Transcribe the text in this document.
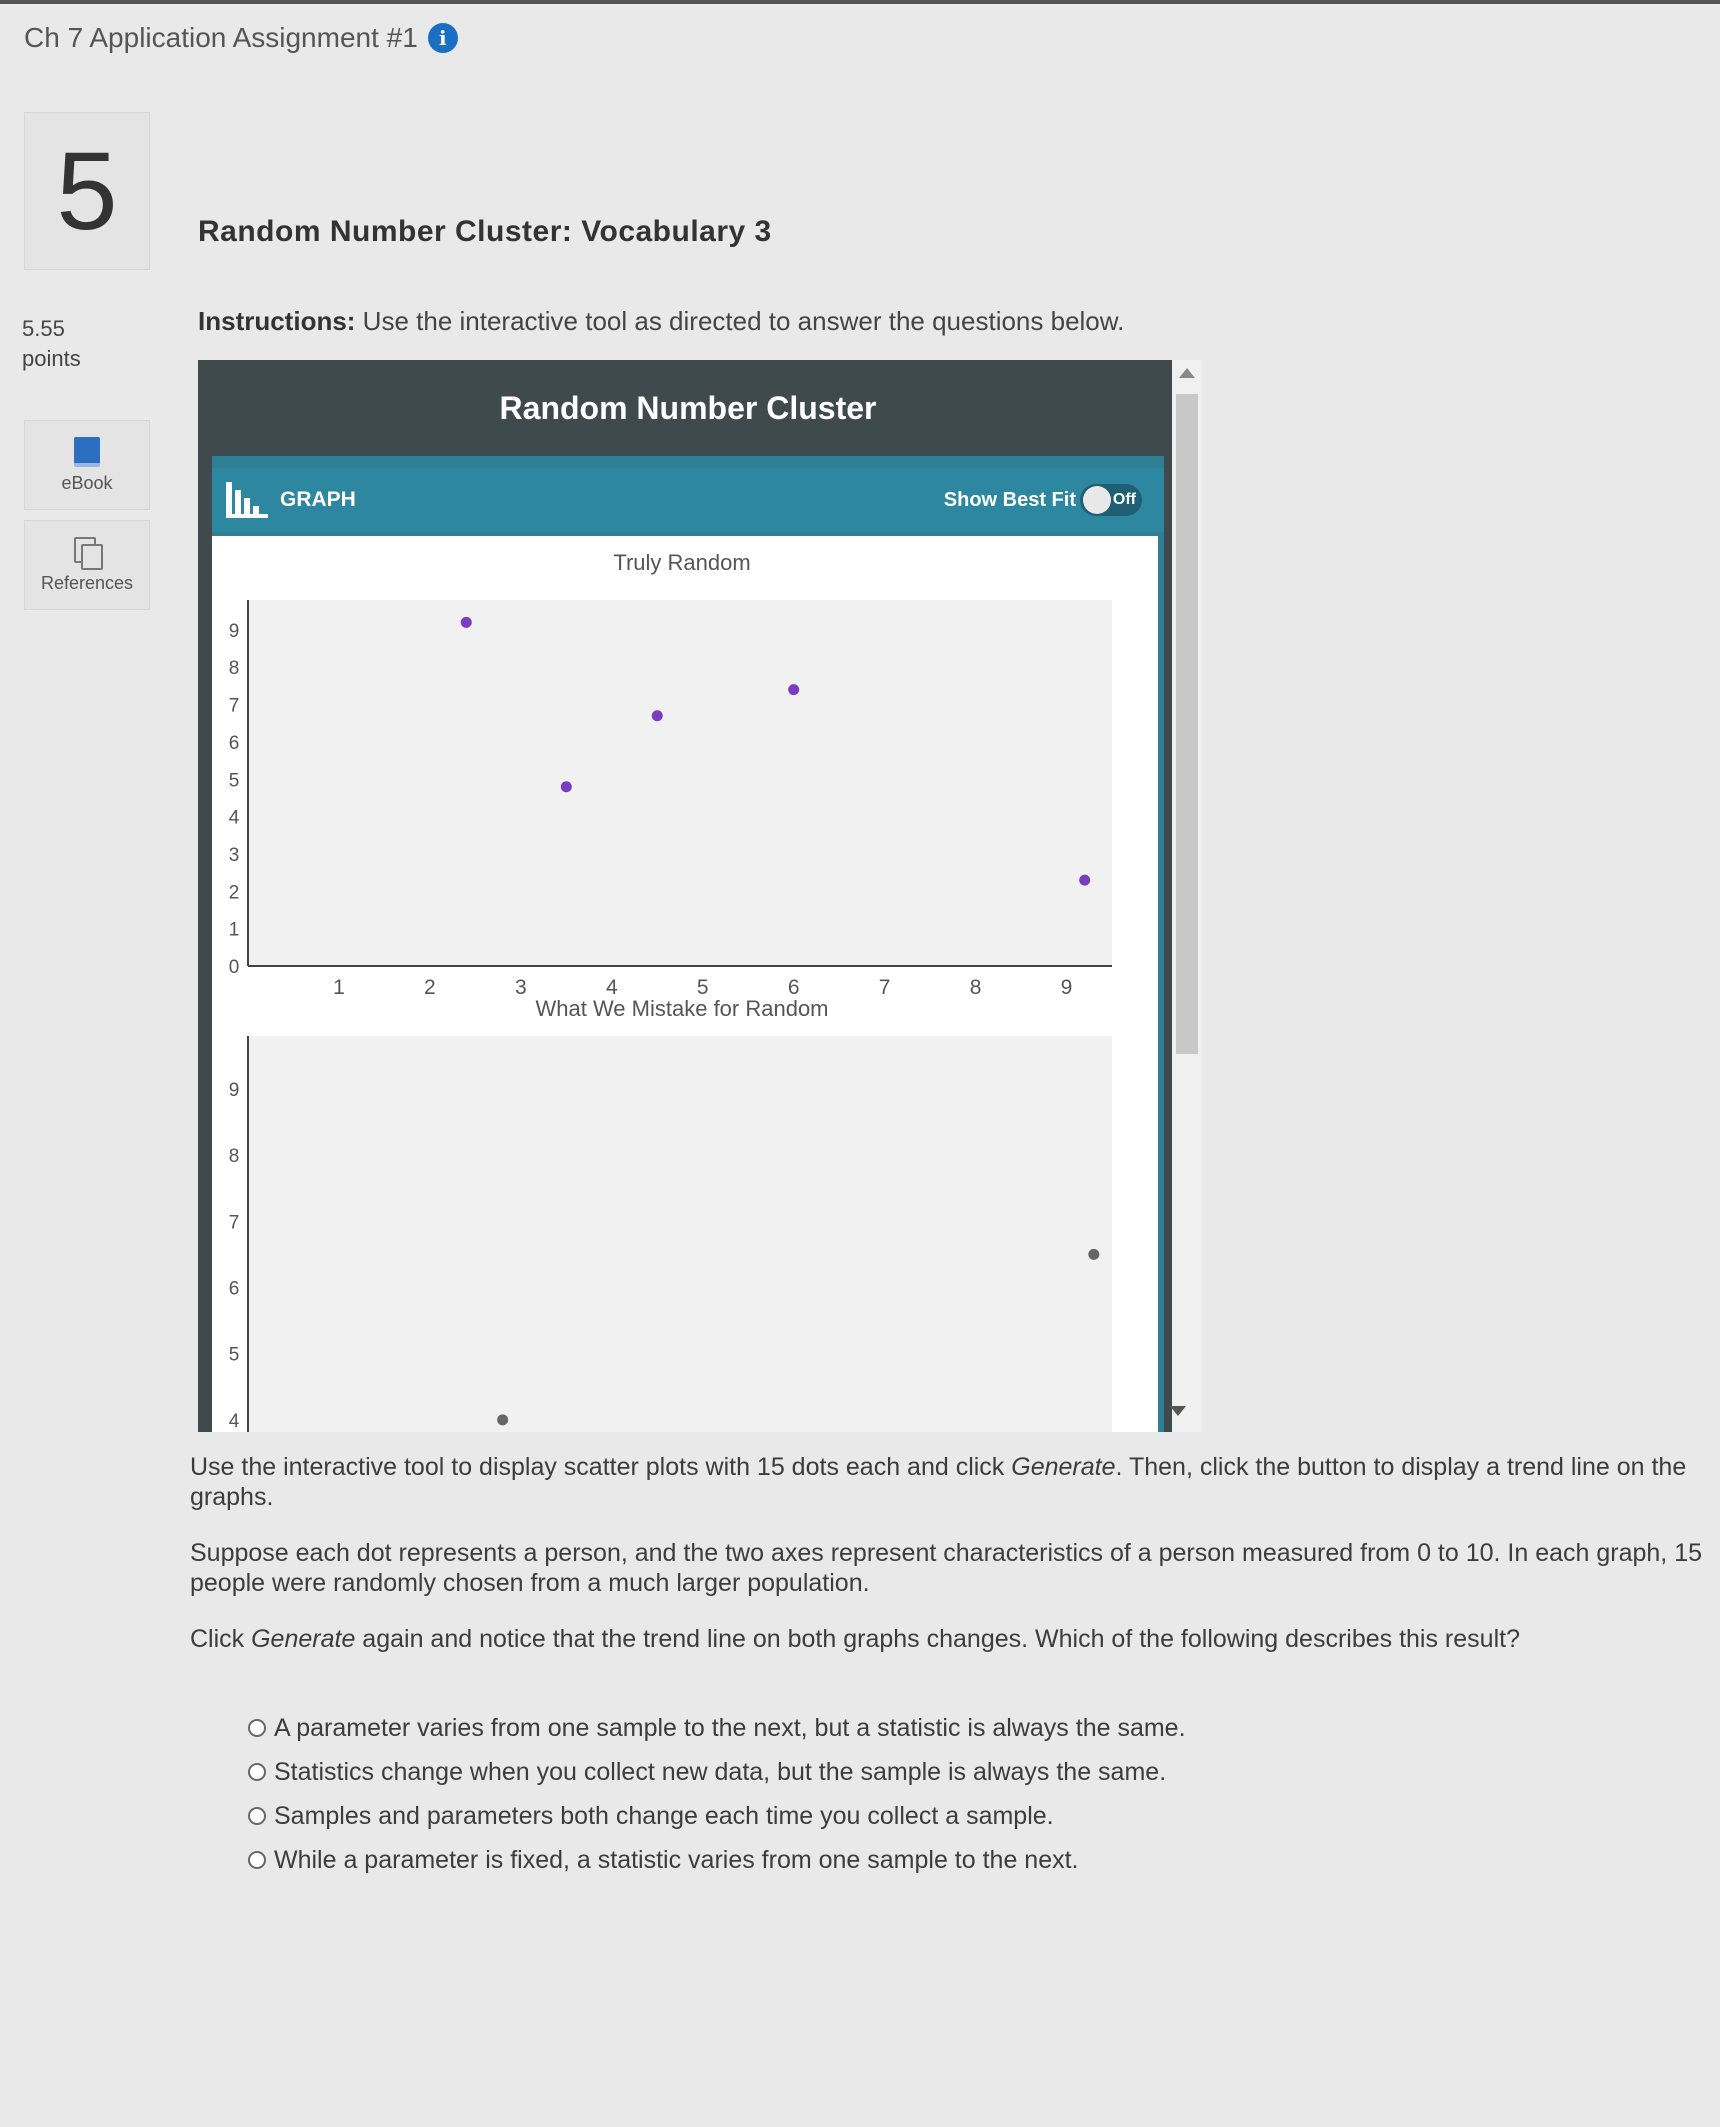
Ch 7 Application Assignment #1	i
5
5.55
points
eBook
References
Random Number Cluster: Vocabulary 3
Instructions: Use the interactive tool as directed to answer the questions below.
Random Number Cluster
GRAPH	Show Best Fit Off
Truly Random
0
1
2
3
4
5
6
7
8
9
1	2	3	4	5	6	7	8	9
What We Mistake for Random
4
5
6
7
8
9
Use the interactive tool to display scatter plots with 15 dots each and click Generate. Then, click the button to display a trend line on the graphs.
Suppose each dot represents a person, and the two axes represent characteristics of a person measured from 0 to 10. In each graph, 15 people were randomly chosen from a much larger population.
Click Generate again and notice that the trend line on both graphs changes. Which of the following describes this result?
A parameter varies from one sample to the next, but a statistic is always the same.
Statistics change when you collect new data, but the sample is always the same.
Samples and parameters both change each time you collect a sample.
While a parameter is fixed, a statistic varies from one sample to the next.
